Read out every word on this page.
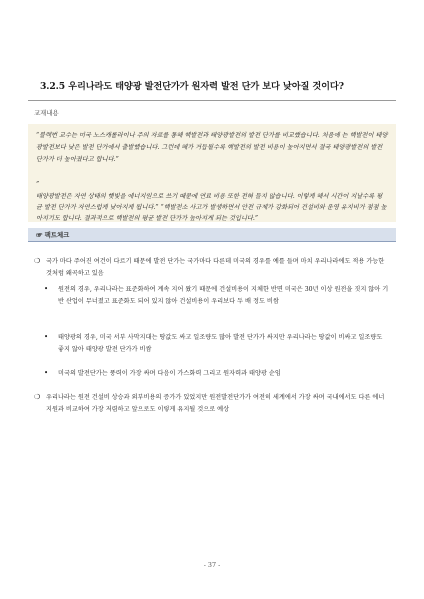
3.2.5 우리나라도 태양광 발전단가가 원자력 발전 단가 보다 낮아질 것이다?
교재내용

“블랙번 교수는 미국 노스캐롤라이나 주의 자료를 통해 핵발전과 태양광발전의 발전 단가를 비교했습니다. 처음에 는 핵발전이 태양광발전보다 낮은 발전 단가에서 출발했습니다. 그런데 해가 거듭될수록 핵발전의 발전 비용이 높아지면서 결국 태양광발전의 발전 단가가 더 높아졌다고 합니다.”

”

태양광발전은 자연 상태의 햇빛을 에너지원으로 쓰기 때문에 연료 비용 또한 전혀 들지 않습니다. 이렇게 해서 시간이 지날수록 평균 발전 단가가 자연스럽게 낮아지게 됩니다.” “핵발전소 사고가 발생하면서 안전 규제가 강화되어 건설비와 운영 유지비가 점점 높아지기도 합니다. 결과적으로 핵발전의 평균 발전 단가가 높아지게 되는 것입니다.”

☞ 팩트체크
❍ 국가 마다 주어진 여건이 다르기 때문에 발전 단가는 국가마다 다른데 미국의 경우를 예를 들며 마치 우리나라에도 적용 가능한 것처럼 왜곡하고 있음
• 원전의 경우, 우리나라는 표준화하여 계속 지어 왔기 때문에 건설비용이 지체한 반면 미국은 30년 이상 원전을 짓지 않아 기반 산업이 무너졌고 표준화도 되어 있지 않아 건설비용이 우리보다 두 배 정도 비쌈
• 태양광의 경우, 미국 서부 사막지대는 땅값도 싸고 일조량도 많아 발전 단가가 싸지만 우리나라는 땅값이 비싸고 일조량도 좋지 않아 태양광 발전 단가가 비쌈
• 미국의 발전단가는 풍력이 가장 싸며 다음이 가스화력 그리고 원자력과 태양광 순임
❍ 우리나라는 원전 건설비 상승과 외부비용의 증가가 있었지만 원전발전단가가 여전히 세계에서 가장 싸며 국내에서도 다른 에너지원과 비교하여 가장 저렴하고 앞으로도 이렇게 유지될 것으로 예상
- 37 -
